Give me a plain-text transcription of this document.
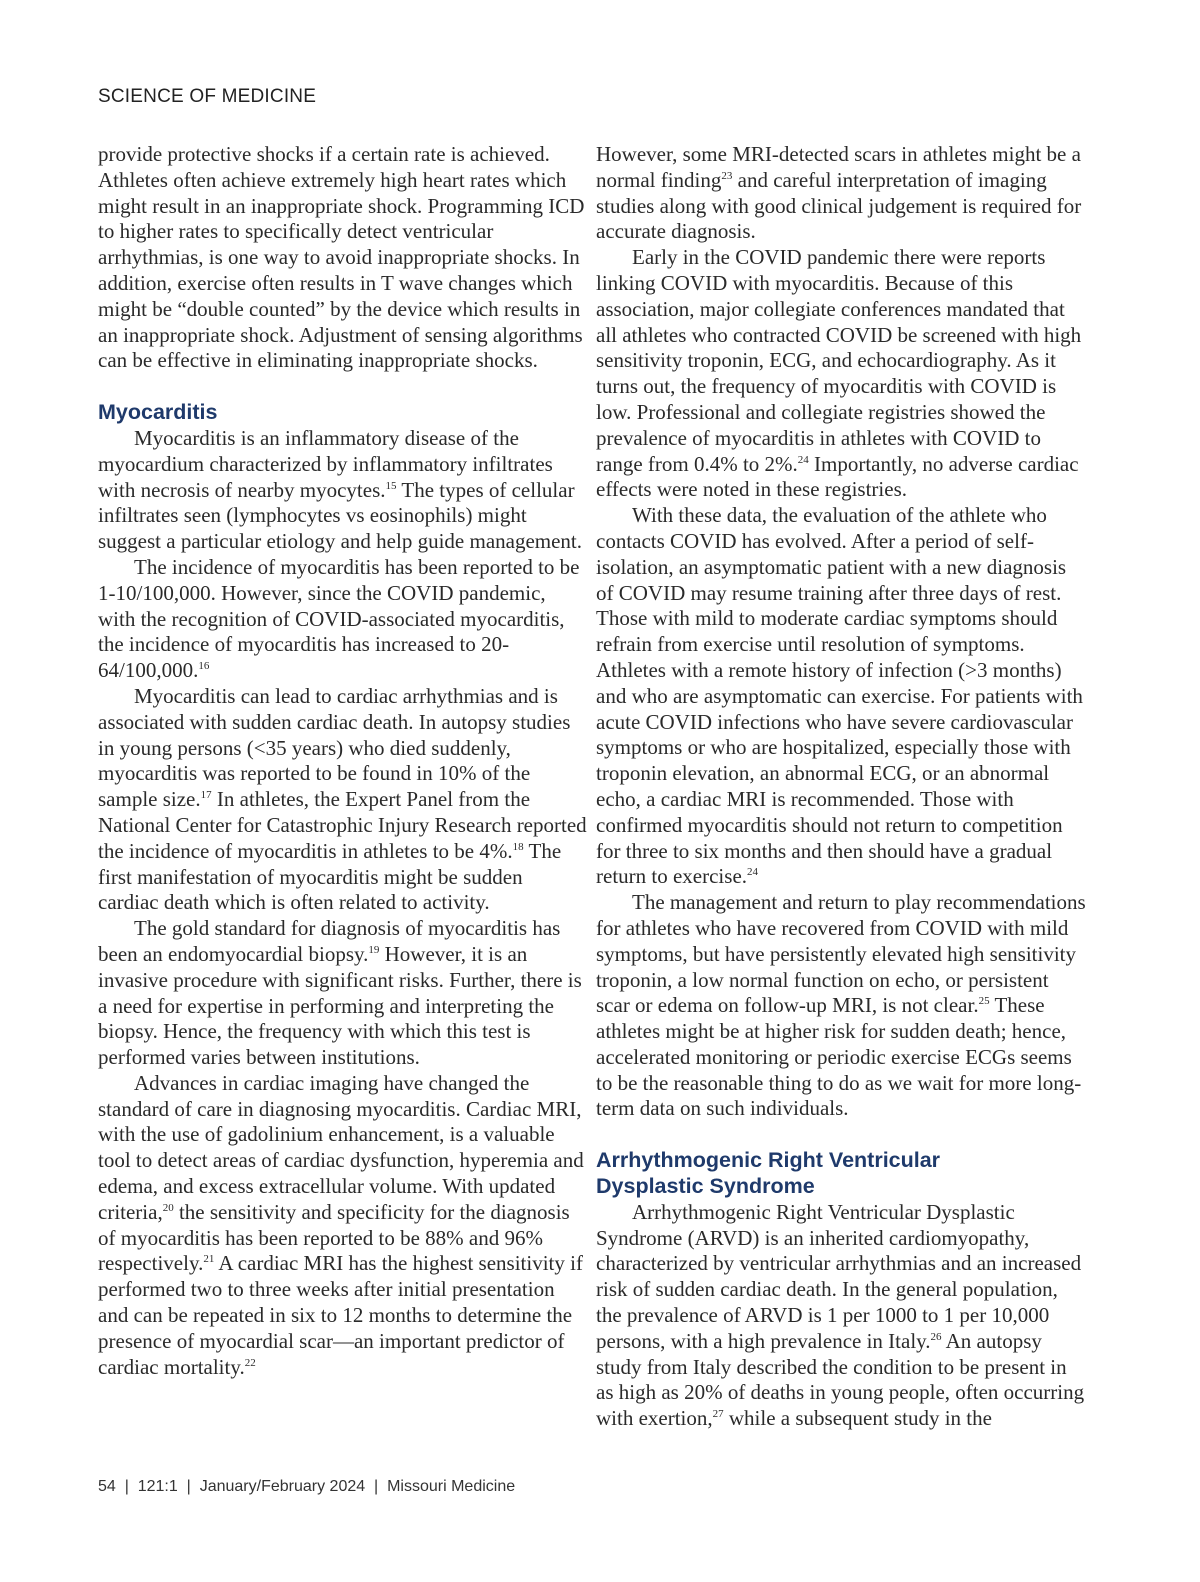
SCIENCE OF MEDICINE

provide protective shocks if a certain rate is achieved. Athletes often achieve extremely high heart rates which might result in an inappropriate shock. Programming ICD to higher rates to specifically detect ventricular arrhythmias, is one way to avoid inappropriate shocks. In addition, exercise often results in T wave changes which might be “double counted” by the device which results in an inappropriate shock. Adjustment of sensing algorithms can be effective in eliminating inappropriate shocks.

Myocarditis

Myocarditis is an inflammatory disease of the myocardium characterized by inflammatory infiltrates with necrosis of nearby myocytes.$^{15}$ The types of cellular infiltrates seen (lymphocytes vs eosinophils) might suggest a particular etiology and help guide management.

The incidence of myocarditis has been reported to be 1-10/100,000. However, since the COVID pandemic, with the recognition of COVID-associated myocarditis, the incidence of myocarditis has increased to 20-64/100,000.16

Myocarditis can lead to cardiac arrhythmias and is associated with sudden cardiac death. In autopsy studies in young persons (<35 years) who died suddenly, myocarditis was reported to be found in 10% of the sample size.$^{17}$ In athletes, the Expert Panel from the National Center for Catastrophic Injury Research reported the incidence of myocarditis in athletes to be 4%.$^{18}$ The first manifestation of myocarditis might be sudden cardiac death which is often related to activity.

The gold standard for diagnosis of myocarditis has been an endomyocardial biopsy.$^{19}$ However, it is an invasive procedure with significant risks. Further, there is a need for expertise in performing and interpreting the biopsy. Hence, the frequency with which this test is performed varies between institutions.

Advances in cardiac imaging have changed the standard of care in diagnosing myocarditis. Cardiac MRI, with the use of gadolinium enhancement, is a valuable tool to detect areas of cardiac dysfunction, hyperemia and edema, and excess extracellular volume. With updated criteria,$^{20}$ the sensitivity and specificity for the diagnosis of myocarditis has been reported to be 88% and 96% respectively.$^{21}$ A cardiac MRI has the highest sensitivity if performed two to three weeks after initial presentation and can be repeated in six to 12 months to determine the presence of myocardial scar—an important predictor of cardiac mortality.$^{22}$

However, some MRI-detected scars in athletes might be a normal finding$^{23}$ and careful interpretation of imaging studies along with good clinical judgement is required for accurate diagnosis.

Early in the COVID pandemic there were reports linking COVID with myocarditis. Because of this association, major collegiate conferences mandated that all athletes who contracted COVID be screened with high sensitivity troponin, ECG, and echocardiography. As it turns out, the frequency of myocarditis with COVID is low. Professional and collegiate registries showed the prevalence of myocarditis in athletes with COVID to range from 0.4% to 2%.$^{24}$ Importantly, no adverse cardiac effects were noted in these registries.

With these data, the evaluation of the athlete who contacts COVID has evolved. After a period of self-isolation, an asymptomatic patient with a new diagnosis of COVID may resume training after three days of rest. Those with mild to moderate cardiac symptoms should refrain from exercise until resolution of symptoms. Athletes with a remote history of infection (>3 months) and who are asymptomatic can exercise. For patients with acute COVID infections who have severe cardiovascular symptoms or who are hospitalized, especially those with troponin elevation, an abnormal ECG, or an abnormal echo, a cardiac MRI is recommended. Those with confirmed myocarditis should not return to competition for three to six months and then should have a gradual return to exercise.$^{24}$

The management and return to play recommendations for athletes who have recovered from COVID with mild symptoms, but have persistently elevated high sensitivity troponin, a low normal function on echo, or persistent scar or edema on follow-up MRI, is not clear.$^{25}$ These athletes might be at higher risk for sudden death; hence, accelerated monitoring or periodic exercise ECGs seems to be the reasonable thing to do as we wait for more long-term data on such individuals.

Arrhythmogenic Right Ventricular
Dysplastic Syndrome

Arrhythmogenic Right Ventricular Dysplastic Syndrome (ARVD) is an inherited cardiomyopathy, characterized by ventricular arrhythmias and an increased risk of sudden cardiac death. In the general population, the prevalence of ARVD is 1 per 1000 to 1 per 10,000 persons, with a high prevalence in Italy.$^{26}$ An autopsy study from Italy described the condition to be present in as high as 20% of deaths in young people, often occurring with exertion,$^{27}$ while a subsequent study in the

54  |  121:1  |  January/February 2024  |  Missouri Medicine
